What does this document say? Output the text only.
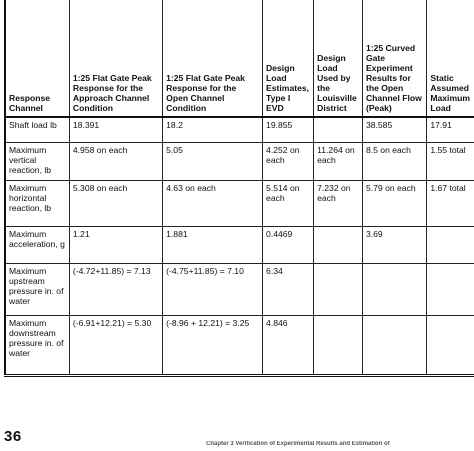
Response Channel	1:25 Flat Gate Peak Response for the Approach Channel Condition	1:25 Flat Gate Peak Response for the Open Channel Condition	Design Load Estimates, Type I EVD	Design Load Used by the Louisville District	1:25 Curved Gate Experiment Results for the Open Channel Flow (Peak)	Static Assumed Maximum Load
Shaft load lb	18.391	18.2	19.855		38.585	17.91
Maximum vertical reaction, lb	4.958 on each	5.05	4.252 on each	11.264 on each	8.5 on each	1.55 total
Maximum horizontal reaction, lb	5.308 on each	4.63 on each	5.514 on each	7.232 on each	5.79 on each	1.67 total
Maximum acceleration, g	1.21	1.881	0.4469		3.69	
Maximum upstream pressure in. of water	(-4.72+11.85) = 7.13	(-4.75+11.85) = 7.10	6.34			
Maximum downstream pressure in. of water	(-6.91+12.21) = 5.30	(-8.96 + 12.21) = 3.25	4.846			
36	Chapter 3 Verification of Experimental Results and Estimation of
